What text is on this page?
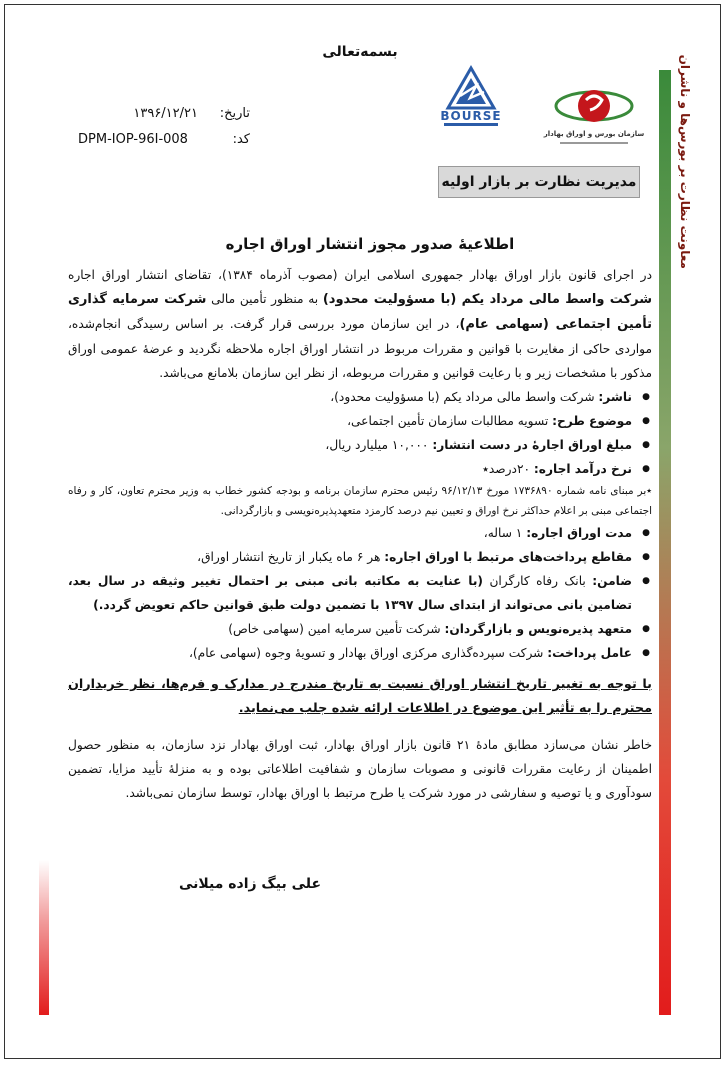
معاونت نظارت بر بورس‌ها و ناشران
بسمه‌تعالی
BOURSE
سازمان بورس و اوراق بهادار
تاریخ:
۱۳۹۶/۱۲/۲۱
کد:
DPM-IOP-96I-008
مدیریت نظارت بر بازار اولیه
اطلاعیهٔ صدور مجوز انتشار اوراق اجاره

در اجرای قانون بازار اوراق بهادار جمهوری اسلامی ایران (مصوب آذرماه ۱۳۸۴)، تقاضای انتشار اوراق اجاره شرکت واسط مالی مرداد یکم (با مسؤولیت محدود) به منظور تأمین مالی شرکت سرمایه گذاری تأمین اجتماعی (سهامی عام)، در این سازمان مورد بررسی قرار گرفت. بر اساس رسیدگی انجام‌شده، مواردی حاکی از مغایرت با قوانین و مقررات مربوط در انتشار اوراق اجاره ملاحظه نگردید و عرضهٔ عمومی اوراق مذکور با مشخصات زیر و با رعایت قوانین و مقررات مربوطه، از نظر این سازمان بلامانع می‌باشد.

● ناشر: شرکت واسط مالی مرداد یکم (با مسؤولیت محدود)،
● موضوع طرح: تسویه مطالبات سازمان تأمین اجتماعی،
● مبلغ اوراق اجارهٔ در دست انتشار: ۱۰,۰۰۰ میلیارد ریال،
● نرخ درآمد اجاره: ۲۰درصد٭

٭بر مبنای نامه شماره ۱۷۳۶۸۹۰ مورخ ۹۶/۱۲/۱۳ رئیس محترم سازمان برنامه و بودجه کشور خطاب به وزیر محترم تعاون، کار و رفاه اجتماعی مبنی بر اعلام حداکثر نرخ اوراق و تعیین نیم درصد کارمزد متعهدپذیره‌نویسی و بازارگردانی.

● مدت اوراق اجاره: ۱ ساله،
● مقاطع پرداخت‌های مرتبط با اوراق اجاره: هر ۶ ماه یکبار از تاریخ انتشار اوراق،
● ضامن: بانک رفاه کارگران (با عنایت به مکاتبه بانی مبنی بر احتمال تغییر وثیقه در سال بعد، تضامین بانی می‌تواند از ابتدای سال ۱۳۹۷ با تضمین دولت طبق قوانین حاکم تعویض گردد.)
● متعهد پذیره‌نویس و بازارگردان: شرکت تأمین سرمایه امین (سهامی خاص)
● عامل پرداخت: شرکت سپرده‌گذاری مرکزی اوراق بهادار و تسویهٔ وجوه (سهامی عام)،

با توجه به تغییر تاریخ انتشار اوراق نسبت به تاریخ مندرج در مدارک و فرم‌ها، نظر خریداران محترم را به تأثیر این موضوع در اطلاعات ارائه شده جلب می‌نماید.

خاطر نشان می‌سازد مطابق مادهٔ ۲۱ قانون بازار اوراق بهادار، ثبت اوراق بهادار نزد سازمان، به منظور حصول اطمینان از رعایت مقررات قانونی و مصوبات سازمان و شفافیت اطلاعاتی بوده و به منزلهٔ تأیید مزایا، تضمین سودآوری و یا توصیه و سفارشی در مورد شرکت یا طرح مرتبط با اوراق بهادار، توسط سازمان نمی‌باشد.

علی بیگ زاده میلانی
